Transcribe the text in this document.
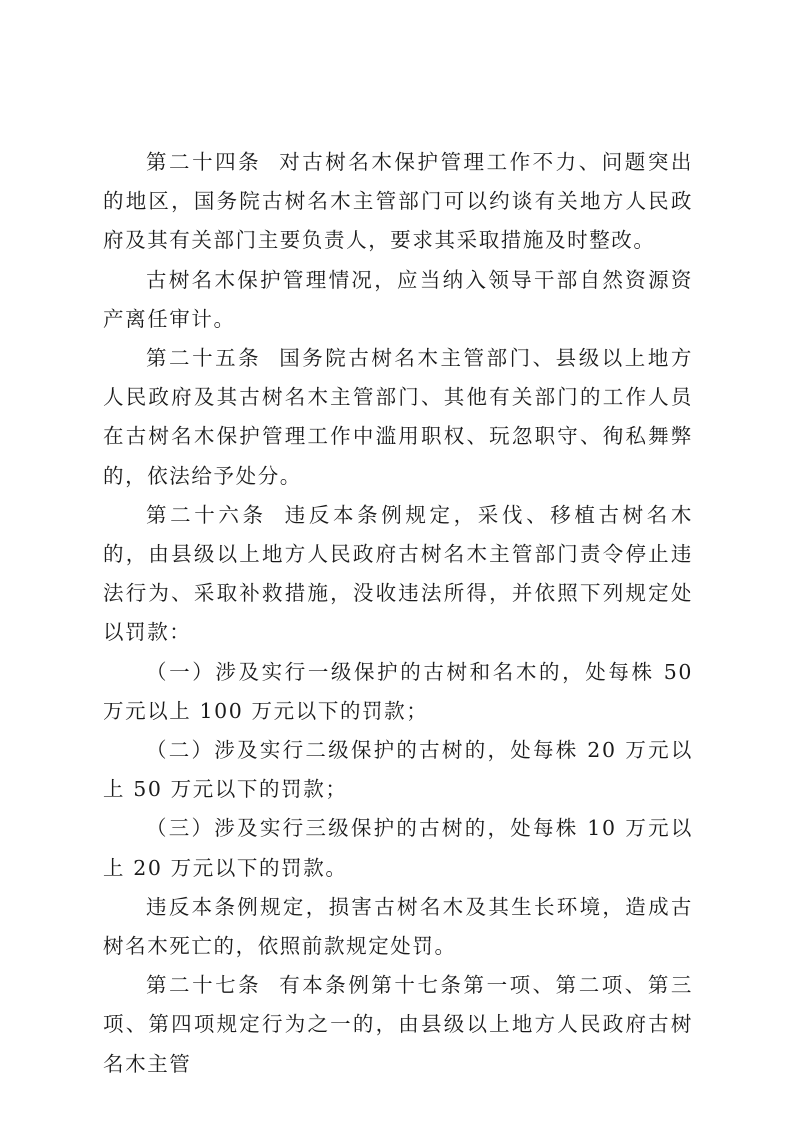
第二十四条 对古树名木保护管理工作不力、问题突出的地区，国务院古树名木主管部门可以约谈有关地方人民政府及其有关部门主要负责人，要求其采取措施及时整改。

古树名木保护管理情况，应当纳入领导干部自然资源资产离任审计。

第二十五条 国务院古树名木主管部门、县级以上地方人民政府及其古树名木主管部门、其他有关部门的工作人员在古树名木保护管理工作中滥用职权、玩忽职守、徇私舞弊的，依法给予处分。

第二十六条 违反本条例规定，采伐、移植古树名木的，由县级以上地方人民政府古树名木主管部门责令停止违法行为、采取补救措施，没收违法所得，并依照下列规定处以罚款：

（一）涉及实行一级保护的古树和名木的，处每株 50 万元以上 100 万元以下的罚款；

（二）涉及实行二级保护的古树的，处每株 20 万元以上 50 万元以下的罚款；

（三）涉及实行三级保护的古树的，处每株 10 万元以上 20 万元以下的罚款。

违反本条例规定，损害古树名木及其生长环境，造成古树名木死亡的，依照前款规定处罚。

第二十七条 有本条例第十七条第一项、第二项、第三项、第四项规定行为之一的，由县级以上地方人民政府古树名木主管
